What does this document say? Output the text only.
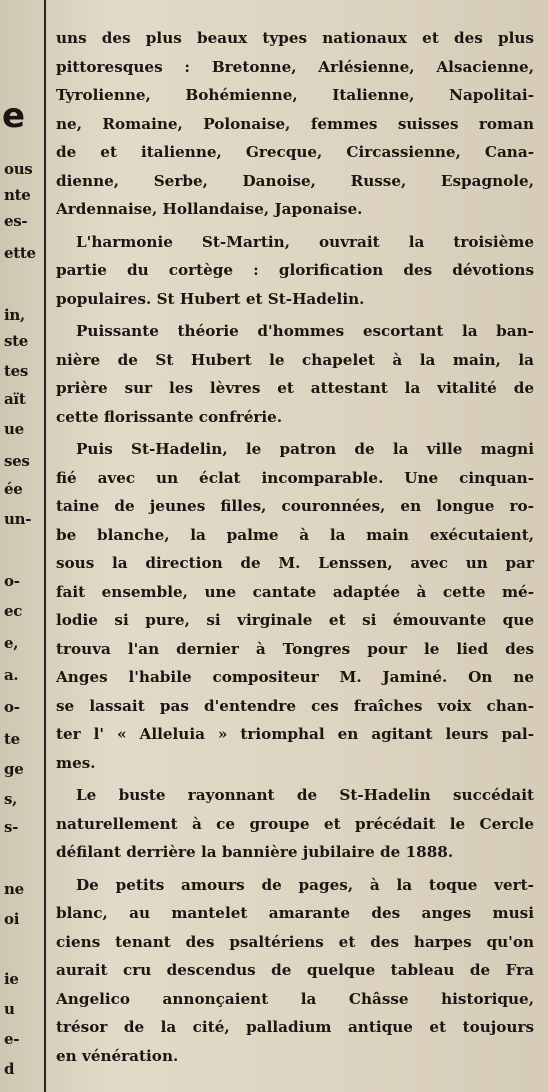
e
ous
nte
es-
ette
in,
ste
tes
aït
ue
ses
ée
un-
o-
ec
e,
a.
o-
te
ge
s,
s-
ne
oi
ie
u
e-
d
uns des plus beaux types nationaux et des plus
pittoresques : Bretonne, Arlésienne, Alsacienne,
Tyrolienne, Bohémienne, Italienne, Napolitai-
ne, Romaine, Polonaise, femmes suisses roman
de et italienne, Grecque, Circassienne, Cana-
dienne, Serbe, Danoise, Russe, Espagnole,
Ardennaise, Hollandaise, Japonaise.
L'harmonie St-Martin, ouvrait la troisième
partie du cortège : glorification des dévotions
populaires. St Hubert et St-Hadelin.
Puissante théorie d'hommes escortant la ban-
nière de St Hubert le chapelet à la main, la
prière sur les lèvres et attestant la vitalité de
cette florissante confrérie.
Puis St-Hadelin, le patron de la ville magni
fié avec un éclat incomparable. Une cinquan-
taine de jeunes filles, couronnées, en longue ro-
be blanche, la palme à la main exécutaient,
sous la direction de M. Lenssen, avec un par
fait ensemble, une cantate adaptée à cette mé-
lodie si pure, si virginale et si émouvante que
trouva l'an dernier à Tongres pour le lied des
Anges l'habile compositeur M. Jaminé. On ne
se lassait pas d'entendre ces fraîches voix chan-
ter l' « Alleluia » triomphal en agitant leurs pal-
mes.
Le buste rayonnant de St-Hadelin succédait
naturellement à ce groupe et précédait le Cercle
défilant derrière la bannière jubilaire de 1888.
De petits amours de pages, à la toque vert-
blanc, au mantelet amarante des anges musi
ciens tenant des psaltériens et des harpes qu'on
aurait cru descendus de quelque tableau de Fra
Angelico annonçaient la Châsse historique,
trésor de la cité, palladium antique et toujours
en vénération.
